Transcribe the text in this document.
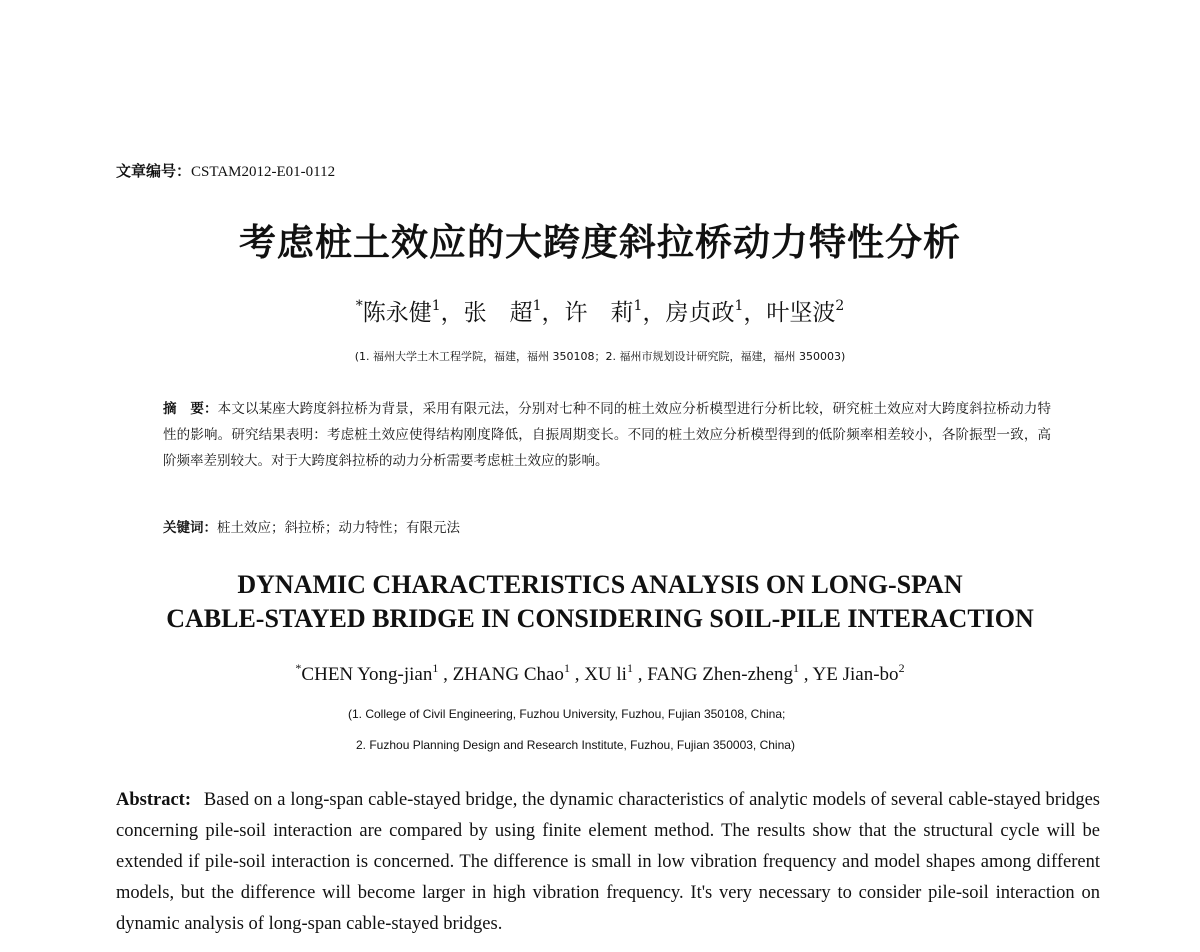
文章编号：CSTAM2012-E01-0112
考虑桩土效应的大跨度斜拉桥动力特性分析
*陈永健$^1$，张　超$^1$，许　莉$^1$，房贞政$^1$，叶坚波$^2$
(1. 福州大学土木工程学院，福建，福州 350108；2. 福州市规划设计研究院，福建，福州 350003)
摘　要：本文以某座大跨度斜拉桥为背景，采用有限元法，分别对七种不同的桩土效应分析模型进行分析比较，研究桩土效应对大跨度斜拉桥动力特性的影响。研究结果表明：考虑桩土效应使得结构刚度降低，自振周期变长。不同的桩土效应分析模型得到的低阶频率相差较小，各阶振型一致，高阶频率差别较大。对于大跨度斜拉桥的动力分析需要考虑桩土效应的影响。
关键词：桩土效应；斜拉桥；动力特性；有限元法
DYNAMIC CHARACTERISTICS ANALYSIS ON LONG-SPAN
CABLE-STAYED BRIDGE IN CONSIDERING SOIL-PILE INTERACTION
*CHEN Yong-jian$^1$ , ZHANG Chao$^1$ , XU $li^1$ , FANG Zhen-zheng$^1$ , YE Jian-$bo^2$
(1. College of Civil Engineering, Fuzhou University, Fuzhou, Fujian 350108, China;
2. Fuzhou Planning Design and Research Institute, Fuzhou, Fujian 350003, China)
Abstract: Based on a long-span cable-stayed bridge, the dynamic characteristics of analytic models of several cable-stayed bridges concerning pile-soil interaction are compared by using finite element method. The results show that the structural cycle will be extended if pile-soil interaction is concerned. The difference is small in low vibration frequency and model shapes among different models, but the difference will become larger in high vibration frequency. It's very necessary to consider pile-soil interaction on dynamic analysis of long-span cable-stayed bridges.
